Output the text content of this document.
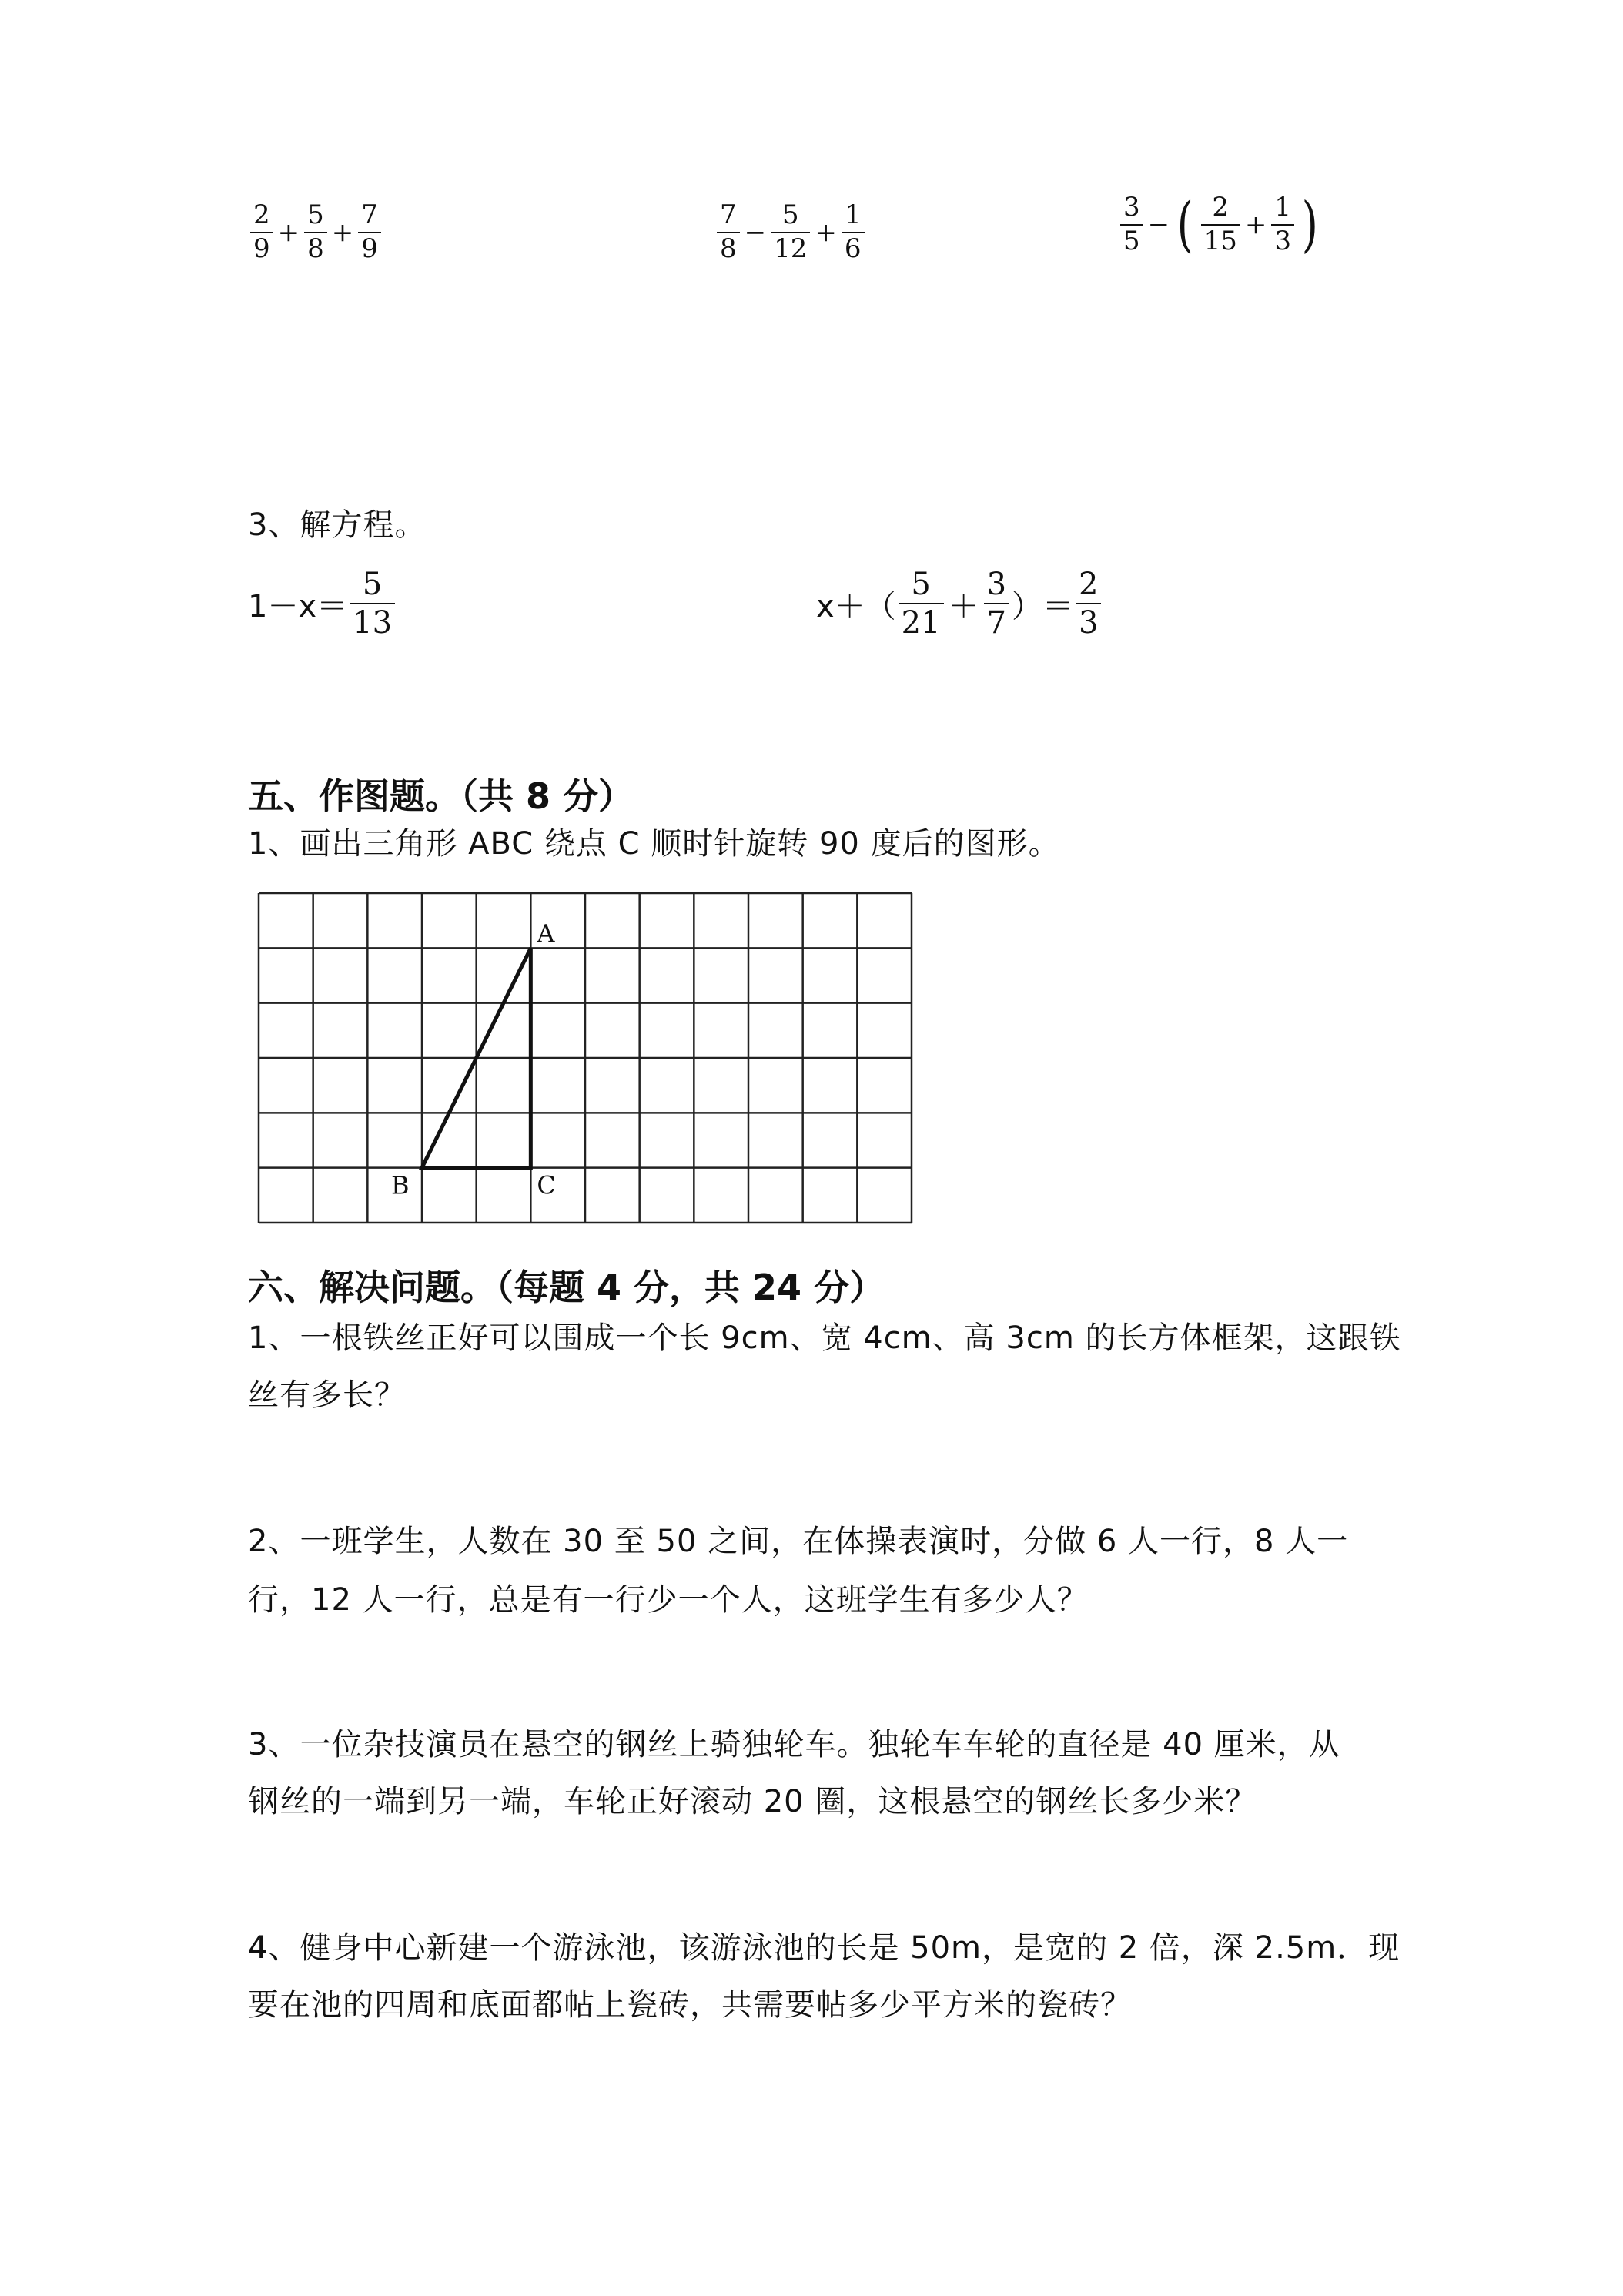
$\frac{2}{9} + \frac{5}{8} + \frac{7}{9}$	$\frac{7}{8} - \frac{5}{12} + \frac{1}{6}$	$\frac{3}{5}$ − ( $\frac{2}{15} + \frac{1}{3}$ )
3、解方程。
$1-x= \frac{5}{13}$	$x+( \frac{5}{21} + \frac{3}{7}$ ）＝ $\frac{2}{3}$
五、作图题。（共 8 分）
1、画出三角形 ABC 绕点 C 顺时针旋转 90 度后的图形。
A
B	C
六、解决问题。（每题 4 分，共 24 分）
1、一根铁丝正好可以围成一个长 9cm、宽 4cm、高 3cm 的长方体框架，这跟铁
丝有多长？
2、一班学生，人数在 30 至 50 之间，在体操表演时，分做 6 人一行，8 人一
行，12 人一行，总是有一行少一个人，这班学生有多少人？
3、一位杂技演员在悬空的钢丝上骑独轮车。独轮车车轮的直径是 40 厘米，从
钢丝的一端到另一端，车轮正好滚动 20 圈，这根悬空的钢丝长多少米？
4、健身中心新建一个游泳池，该游泳池的长是 50m，是宽的 2 倍，深 2.5m．现
要在池的四周和底面都帖上瓷砖，共需要帖多少平方米的瓷砖？
